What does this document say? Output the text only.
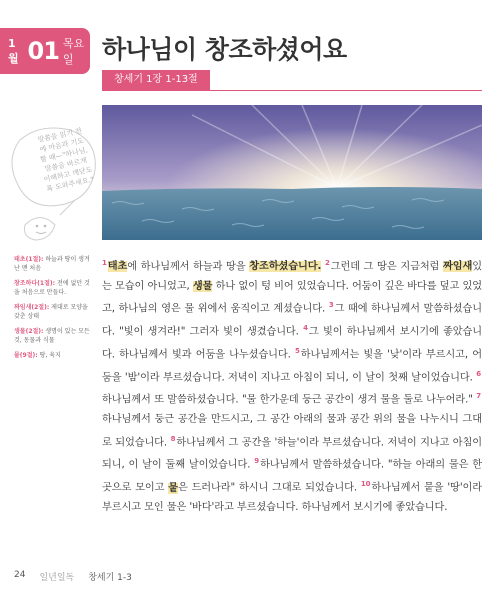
1월 01 목요일	하나님이 창조하셨어요
창세기 1장 1-13절
말씀을 읽기 전에 마음과 기도할 때—"하나님, 말씀을 바르게 이해하고 깨닫도록 도와주세요."
태초(1절): 하늘과 땅이 생겨난 맨 처음
창조하다(1절): 전에 없던 것을 처음으로 만들다.
짜임새(2절): 제대로 모양을 갖춘 상태
생물(2절): 생명이 있는 모든 것, 동물과 식물
뭍(9절): 땅, 육지
$^1$태초에 하나님께서 하늘과 땅을 창조하셨습니다. $^2$그런데 그 땅은 지금처럼 짜임새있는 모습이 아니었고, 생물 하나 없이 텅 비어 있었습니다. 어둠이 깊은 바다를 덮고 있었고, 하나님의 영은 물 위에서 움직이고 계셨습니다. $^3$그 때에 하나님께서 말씀하셨습니다. "빛이 생겨라!" 그러자 빛이 생겼습니다. $^4$그 빛이 하나님께서 보시기에 좋았습니다. 하나님께서 빛과 어둠을 나누셨습니다. $^5$하나님께서는 빛을 '낮'이라 부르시고, 어둠을 '밤'이라 부르셨습니다. 저녁이 지나고 아침이 되니, 이 날이 첫째 날이었습니다. $^6$하나님께서 또 말씀하셨습니다. "물 한가운데 둥근 공간이 생겨 물을 둘로 나누어라." $^7$하나님께서 둥근 공간을 만드시고, 그 공간 아래의 물과 공간 위의 물을 나누시니 그대로 되었습니다. $^8$하나님께서 그 공간을 '하늘'이라 부르셨습니다. 저녁이 지나고 아침이 되니, 이 날이 둘째 날이었습니다. $^9$하나님께서 말씀하셨습니다. "하늘 아래의 물은 한 곳으로 모이고 뭍은 드러나라" 하시니 그대로 되었습니다. $^{10}$하나님께서 뭍을 '땅'이라 부르시고 모인 물은 '바다'라고 부르셨습니다. 하나님께서 보시기에 좋았습니다.
24 일년일독 창세기 1-3
